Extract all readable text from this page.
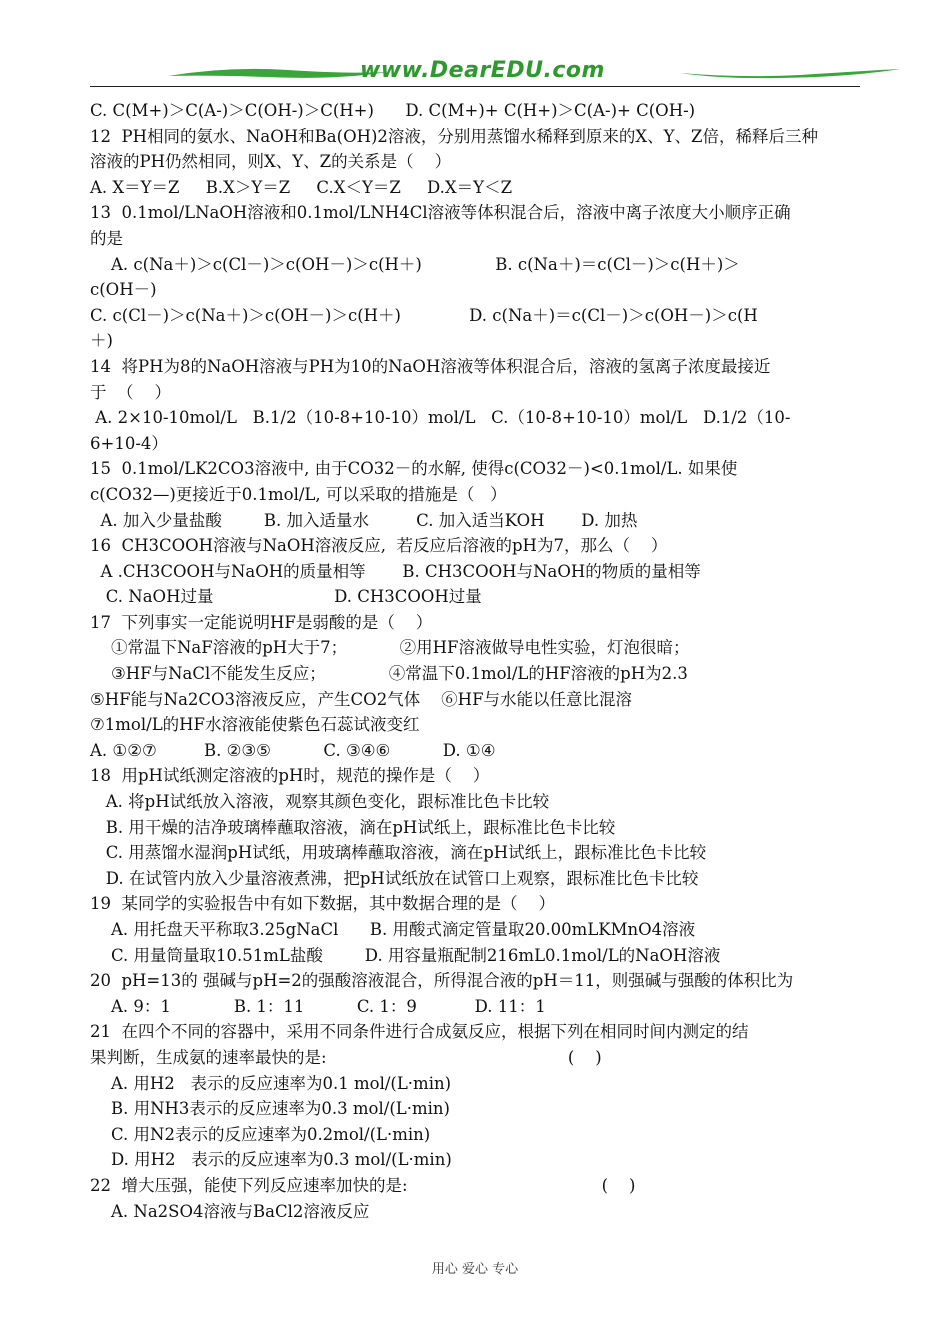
www.DearEDU.com
C. C(M+)＞C(A-)＞C(OH-)＞C(H+)      D. C(M+)+ C(H+)＞C(A-)+ C(OH-)
12  PH相同的氨水、NaOH和Ba(OH)2溶液，分别用蒸馏水稀释到原来的X、Y、Z倍，稀释后三种
溶液的PH仍然相同，则X、Y、Z的关系是（    ）
A. X＝Y＝Z     B.X＞Y＝Z     C.X＜Y＝Z     D.X＝Y＜Z
13  0.1mol/LNaOH溶液和0.1mol/LNH4Cl溶液等体积混合后，溶液中离子浓度大小顺序正确
的是
A. c(Na＋)＞c(Cl－)＞c(OH－)＞c(H＋)              B. c(Na＋)＝c(Cl－)＞c(H＋)＞
c(OH－)
C. c(Cl－)＞c(Na＋)＞c(OH－)＞c(H＋)             D. c(Na＋)＝c(Cl－)＞c(OH－)＞c(H
＋)
14  将PH为8的NaOH溶液与PH为10的NaOH溶液等体积混合后，溶液的氢离子浓度最接近
于  （    ）
A. 2×10-10mol/L   B.1/2（10-8+10-10）mol/L   C.（10-8+10-10）mol/L   D.1/2（10-
6+10-4）
15  0.1mol/LK2CO3溶液中, 由于CO32－的水解, 使得c(CO32－)<0.1mol/L. 如果使
c(CO32—)更接近于0.1mol/L, 可以采取的措施是（   ）
A. 加入少量盐酸        B. 加入适量水         C. 加入适当KOH       D. 加热
16  CH3COOH溶液与NaOH溶液反应,  若反应后溶液的pH为7，那么（    ）
A .CH3COOH与NaOH的质量相等       B. CH3COOH与NaOH的物质的量相等
C. NaOH过量                       D. CH3COOH过量
17  下列事实一定能说明HF是弱酸的是（    ）
①常温下NaF溶液的pH大于7；          ②用HF溶液做导电性实验，灯泡很暗；
③HF与NaCl不能发生反应；            ④常温下0.1mol/L的HF溶液的pH为2.3
⑤HF能与Na2CO3溶液反应，产生CO2气体    ⑥HF与水能以任意比混溶
⑦1mol/L的HF水溶液能使紫色石蕊试液变红
A. ①②⑦         B. ②③⑤          C. ③④⑥          D. ①④
18  用pH试纸测定溶液的pH时，规范的操作是（    ）
A. 将pH试纸放入溶液，观察其颜色变化，跟标准比色卡比较
B. 用干燥的洁净玻璃棒蘸取溶液，滴在pH试纸上，跟标准比色卡比较
C. 用蒸馏水湿润pH试纸，用玻璃棒蘸取溶液，滴在pH试纸上，跟标准比色卡比较
D. 在试管内放入少量溶液煮沸，把pH试纸放在试管口上观察，跟标准比色卡比较
19  某同学的实验报告中有如下数据，其中数据合理的是（    ）
A. 用托盘天平称取3.25gNaCl      B. 用酸式滴定管量取20.00mLKMnO4溶液
C. 用量筒量取10.51mL盐酸        D. 用容量瓶配制216mL0.1mol/L的NaOH溶液
20  pH=13的 强碱与pH=2的强酸溶液混合，所得混合液的pH＝11，则强碱与强酸的体积比为
A. 9：1            B. 1：11          C. 1：9           D. 11：1
21  在四个不同的容器中，采用不同条件进行合成氨反应，根据下列在相同时间内测定的结
果判断，生成氨的速率最快的是:                                              (    )
A. 用H2   表示的反应速率为0.1 mol/(L·min)
B. 用NH3表示的反应速率为0.3 mol/(L·min)
C. 用N2表示的反应速率为0.2mol/(L·min)
D. 用H2   表示的反应速率为0.3 mol/(L·min)
22  增大压强，能使下列反应速率加快的是:                                     (    )
A. Na2SO4溶液与BaCl2溶液反应
用心 爱心 专心
